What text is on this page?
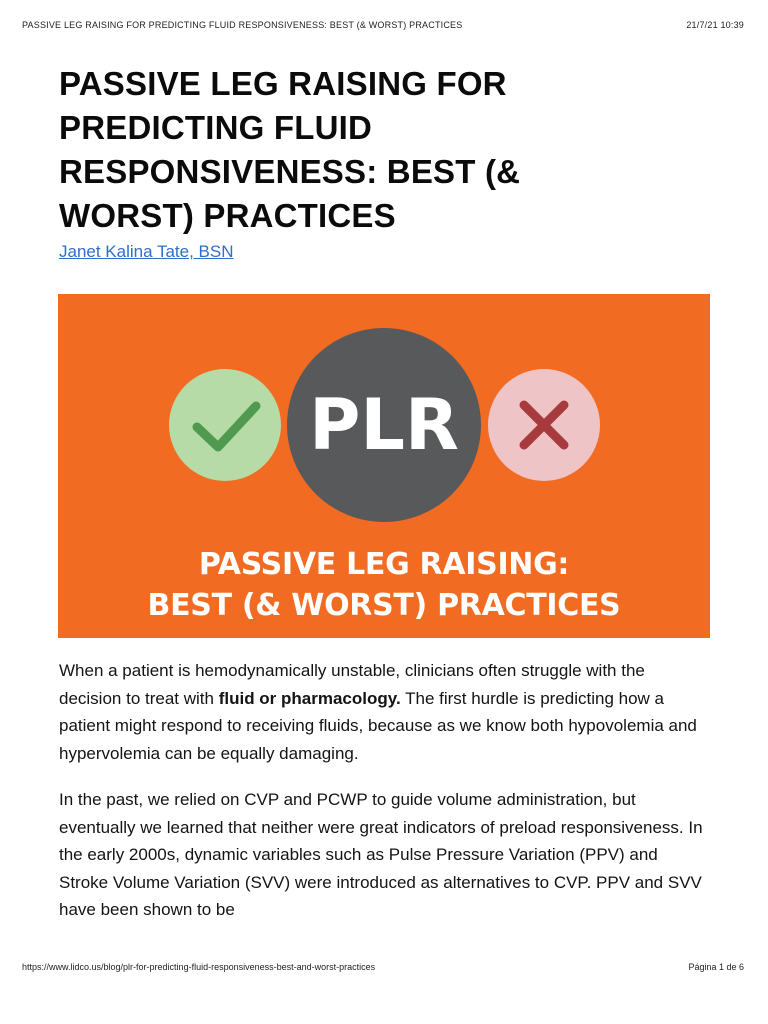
PASSIVE LEG RAISING FOR PREDICTING FLUID RESPONSIVENESS: BEST (& WORST) PRACTICES	21/7/21 10:39
PASSIVE LEG RAISING FOR PREDICTING FLUID RESPONSIVENESS: BEST (& WORST) PRACTICES
Janet Kalina Tate, BSN
PLR
PASSIVE LEG RAISING:
BEST (& WORST) PRACTICES

When a patient is hemodynamically unstable, clinicians often struggle with the decision to treat with fluid or pharmacology. The first hurdle is predicting how a patient might respond to receiving fluids, because as we know both hypovolemia and hypervolemia can be equally damaging.

In the past, we relied on CVP and PCWP to guide volume administration, but eventually we learned that neither were great indicators of preload responsiveness. In the early 2000s, dynamic variables such as Pulse Pressure Variation (PPV) and Stroke Volume Variation (SVV) were introduced as alternatives to CVP. PPV and SVV have been shown to be

https://www.lidco.us/blog/plr-for-predicting-fluid-responsiveness-best-and-worst-practices	Página 1 de 6
